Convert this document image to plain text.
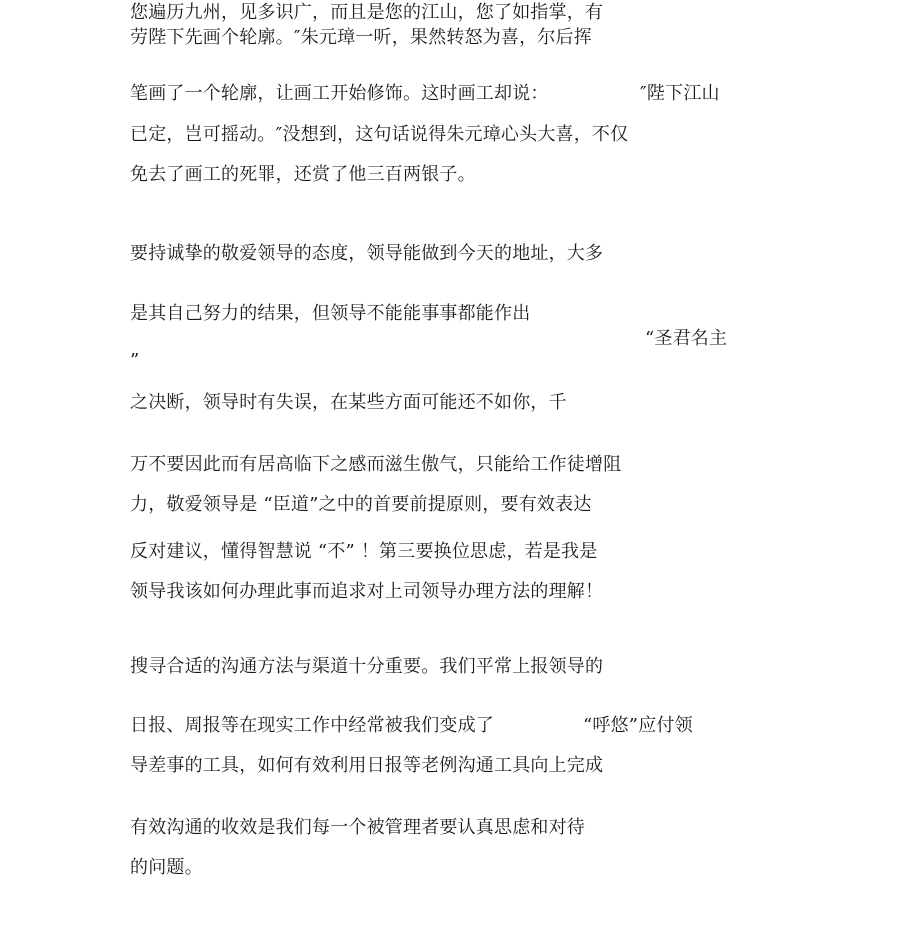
您遍历九州，见多识广，而且是您的江山，您了如指掌，有

劳陛下先画个轮廓。″朱元璋一听，果然转怒为喜，尔后挥

笔画了一个轮廓，让画工开始修饰。这时画工却说：	″陛下江山

已定，岂可摇动。″没想到，这句话说得朱元璋心头大喜，不仅

免去了画工的死罪，还赏了他三百两银子。

要持诚挚的敬爱领导的态度，领导能做到今天的地址，大多

是其自己努力的结果，但领导不能能事事都能作出

“圣君名主

”

之决断，领导时有失误，在某些方面可能还不如你，千

万不要因此而有居高临下之感而滋生傲气，只能给工作徒增阻

力，敬爱领导是 “臣道”之中的首要前提原则，要有效表达

反对建议，懂得智慧说 “不” ！第三要换位思虑，若是我是

领导我该如何办理此事而追求对上司领导办理方法的理解！

搜寻合适的沟通方法与渠道十分重要。我们平常上报领导的

日报、周报等在现实工作中经常被我们变成了	“呼悠”应付领

导差事的工具，如何有效利用日报等老例沟通工具向上完成

有效沟通的收效是我们每一个被管理者要认真思虑和对待

的问题。
